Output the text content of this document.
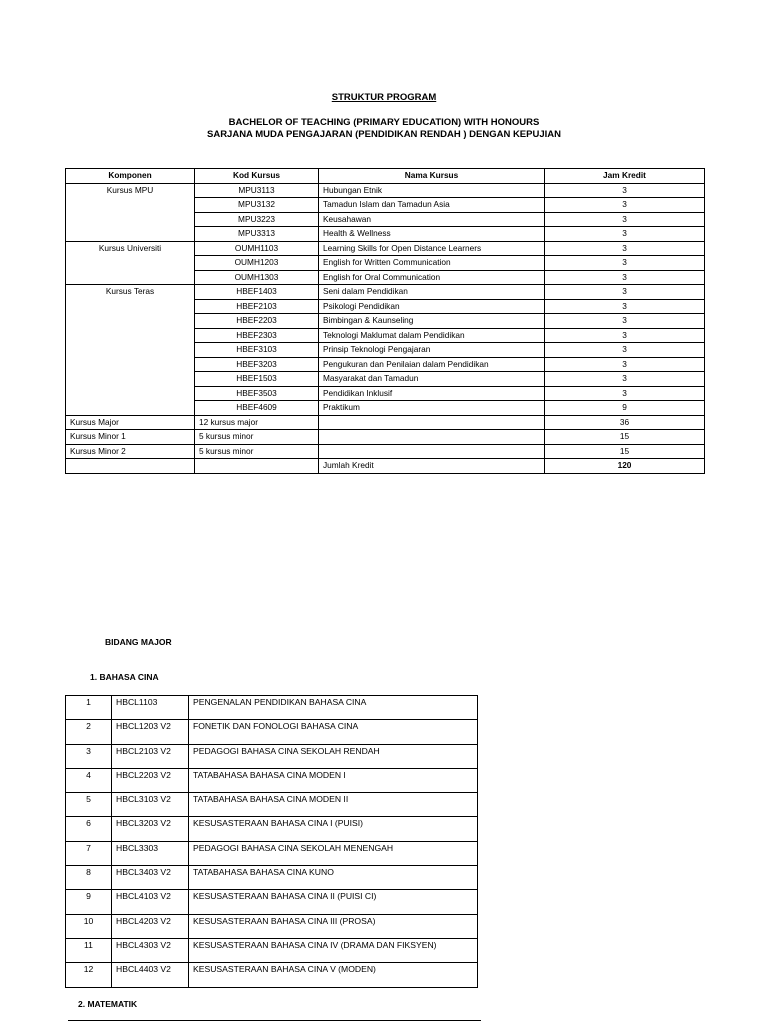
STRUKTUR PROGRAM
BACHELOR OF TEACHING (PRIMARY EDUCATION) WITH HONOURS
SARJANA MUDA PENGAJARAN (PENDIDIKAN RENDAH ) DENGAN KEPUJIAN
Komponen	Kod Kursus	Nama Kursus	Jam Kredit
Kursus MPU	MPU3113	Hubungan Etnik	3
	MPU3132	Tamadun Islam dan Tamadun Asia	3
	MPU3223	Keusahawan	3
	MPU3313	Health & Wellness	3
Kursus Universiti	OUMH1103	Learning Skills for Open Distance Learners	3
	OUMH1203	English for Written Communication	3
	OUMH1303	English for Oral Communication	3
Kursus Teras	HBEF1403	Seni dalam Pendidikan	3
	HBEF2103	Psikologi Pendidikan	3
	HBEF2203	Bimbingan & Kaunseling	3
	HBEF2303	Teknologi Maklumat dalam Pendidikan	3
	HBEF3103	Prinsip Teknologi Pengajaran	3
	HBEF3203	Pengukuran dan Penilaian dalam Pendidikan	3
	HBEF1503	Masyarakat dan Tamadun	3
	HBEF3503	Pendidikan Inklusif	3
	HBEF4609	Praktikum	9
Kursus Major	12 kursus major		36
Kursus Minor 1	5 kursus minor		15
Kursus Minor 2	5 kursus minor		15
		Jumlah Kredit	120
BIDANG MAJOR
1. BAHASA CINA
1	HBCL1103	PENGENALAN PENDIDIKAN BAHASA CINA
2	HBCL1203 V2	FONETIK DAN FONOLOGI BAHASA CINA
3	HBCL2103 V2	PEDAGOGI BAHASA CINA SEKOLAH RENDAH
4	HBCL2203 V2	TATABAHASA BAHASA CINA MODEN I
5	HBCL3103 V2	TATABAHASA BAHASA CINA MODEN II
6	HBCL3203 V2	KESUSASTERAAN BAHASA CINA I (PUISI)
7	HBCL3303	PEDAGOGI BAHASA CINA SEKOLAH MENENGAH
8	HBCL3403 V2	TATABAHASA BAHASA CINA KUNO
9	HBCL4103 V2	KESUSASTERAAN BAHASA CINA II (PUISI CI)
10	HBCL4203 V2	KESUSASTERAAN BAHASA CINA III (PROSA)
11	HBCL4303 V2	KESUSASTERAAN BAHASA CINA IV (DRAMA DAN FIKSYEN)
12	HBCL4403 V2	KESUSASTERAAN BAHASA CINA V (MODEN)
2. MATEMATIK
